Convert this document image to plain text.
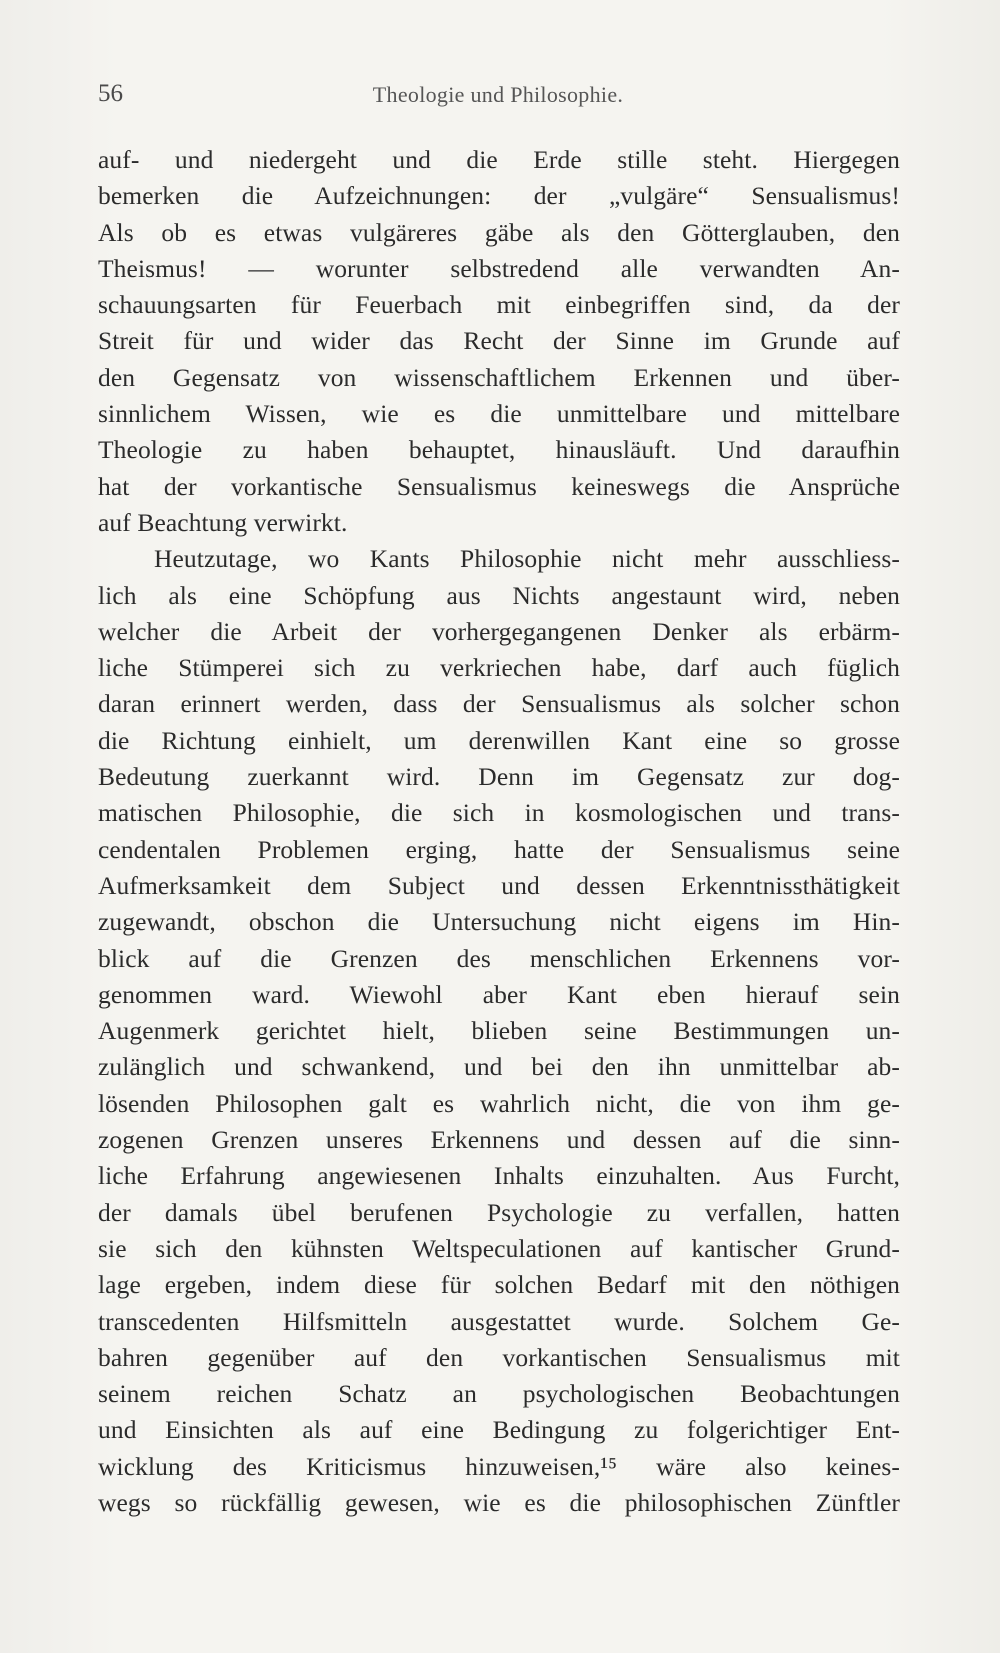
56	Theologie und Philosophie.
auf- und niedergeht und die Erde stille steht. Hiergegen
bemerken die Aufzeichnungen: der „vulgäre“ Sensualismus!
Als ob es etwas vulgäreres gäbe als den Götterglauben, den
Theismus! — worunter selbstredend alle verwandten An-
schauungsarten für Feuerbach mit einbegriffen sind, da der
Streit für und wider das Recht der Sinne im Grunde auf
den Gegensatz von wissenschaftlichem Erkennen und über-
sinnlichem Wissen, wie es die unmittelbare und mittelbare
Theologie zu haben behauptet, hinausläuft. Und daraufhin
hat der vorkantische Sensualismus keineswegs die Ansprüche
auf Beachtung verwirkt.
Heutzutage, wo Kants Philosophie nicht mehr ausschliess-
lich als eine Schöpfung aus Nichts angestaunt wird, neben
welcher die Arbeit der vorhergegangenen Denker als erbärm-
liche Stümperei sich zu verkriechen habe, darf auch füglich
daran erinnert werden, dass der Sensualismus als solcher schon
die Richtung einhielt, um derenwillen Kant eine so grosse
Bedeutung zuerkannt wird. Denn im Gegensatz zur dog-
matischen Philosophie, die sich in kosmologischen und trans-
cendentalen Problemen erging, hatte der Sensualismus seine
Aufmerksamkeit dem Subject und dessen Erkenntnissthätigkeit
zugewandt, obschon die Untersuchung nicht eigens im Hin-
blick auf die Grenzen des menschlichen Erkennens vor-
genommen ward. Wiewohl aber Kant eben hierauf sein
Augenmerk gerichtet hielt, blieben seine Bestimmungen un-
zulänglich und schwankend, und bei den ihn unmittelbar ab-
lösenden Philosophen galt es wahrlich nicht, die von ihm ge-
zogenen Grenzen unseres Erkennens und dessen auf die sinn-
liche Erfahrung angewiesenen Inhalts einzuhalten. Aus Furcht,
der damals übel berufenen Psychologie zu verfallen, hatten
sie sich den kühnsten Weltspeculationen auf kantischer Grund-
lage ergeben, indem diese für solchen Bedarf mit den nöthigen
transcedenten Hilfsmitteln ausgestattet wurde. Solchem Ge-
bahren gegenüber auf den vorkantischen Sensualismus mit
seinem reichen Schatz an psychologischen Beobachtungen
und Einsichten als auf eine Bedingung zu folgerichtiger Ent-
wicklung des Kriticismus hinzuweisen,¹⁵ wäre also keines-
wegs so rückfällig gewesen, wie es die philosophischen Zünftler
